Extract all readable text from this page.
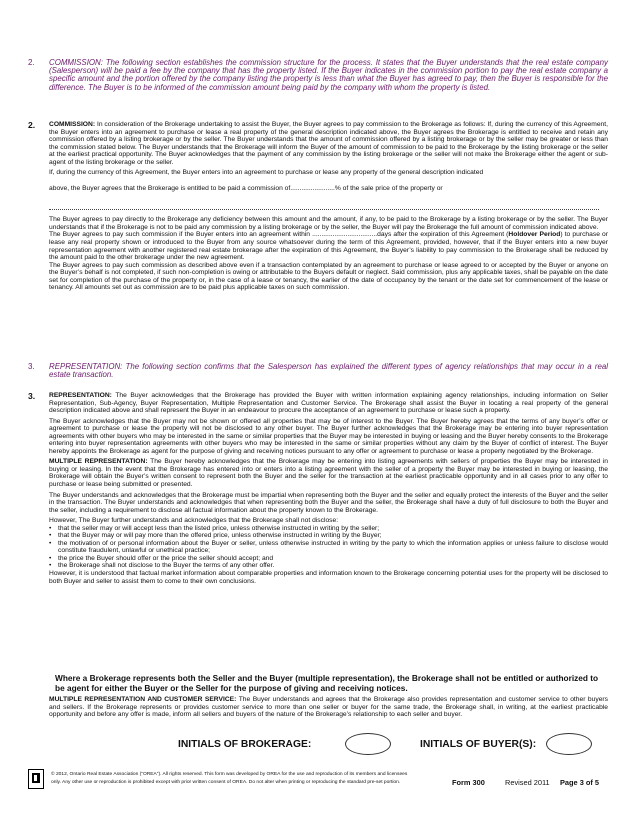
2. COMMISSION: The following section establishes the commission structure for the process. It states that the Buyer understands that the real estate company (Salesperson) will be paid a fee by the company that has the property listed. If the Buyer indicates in the commission portion to pay the real estate company a specific amount and the portion offered by the company listing the property is less than what the Buyer has agreed to pay, then the Buyer is responsible for the difference. The Buyer is to be informed of the commission amount being paid by the company with whom the property is listed.
2. COMMISSION: In consideration of the Brokerage undertaking to assist the Buyer, the Buyer agrees to pay commission to the Brokerage as follows: If, during the currency of this Agreement, the Buyer enters into an agreement to purchase or lease a real property of the general description indicated above, the Buyer agrees the Brokerage is entitled to receive and retain any commission offered by a listing brokerage or by the seller. The Buyer understands that the amount of commission offered by a listing brokerage or by the seller may be greater or less than the commission stated below. The Buyer understands that the Brokerage will inform the Buyer of the amount of commission to be paid to the Brokerage by the listing brokerage or the seller at the earliest practical opportunity. The Buyer acknowledges that the payment of any commission by the listing brokerage or the seller will not make the Brokerage either the agent or sub-agent of the listing brokerage or the seller.
If, during the currency of this Agreement, the Buyer enters into an agreement to purchase or lease any property of the general description indicated
above, the Buyer agrees that the Brokerage is entitled to be paid a commission of........................% of the sale price of the property or
The Buyer agrees to pay directly to the Brokerage any deficiency between this amount and the amount, if any, to be paid to the Brokerage by a listing brokerage or by the seller. The Buyer understands that if the Brokerage is not to be paid any commission by a listing brokerage or by the seller, the Buyer will pay the Brokerage the full amount of commission indicated above.
The Buyer agrees to pay such commission if the Buyer enters into an agreement within ...................................days after the expiration of this Agreement (Holdover Period) to purchase or lease any real property shown or introduced to the Buyer from any source whatsoever during the term of this Agreement, provided, however, that if the Buyer enters into a new buyer representation agreement with another registered real estate brokerage after the expiration of this Agreement, the Buyer’s liability to pay commission to the Brokerage shall be reduced by the amount paid to the other brokerage under the new agreement.
The Buyer agrees to pay such commission as described above even if a transaction contemplated by an agreement to purchase or lease agreed to or accepted by the Buyer or anyone on the Buyer’s behalf is not completed, if such non-completion is owing or attributable to the Buyers default or neglect. Said commission, plus any applicable taxes, shall be payable on the date set for completion of the purchase of the property or, in the case of a lease or tenancy, the earlier of the date of occupancy by the tenant or the date set for commencement of the lease or tenancy. All amounts set out as commission are to be paid plus applicable taxes on such commission.
3. REPRESENTATION: The following section confirms that the Salesperson has explained the different types of agency relationships that may occur in a real estate transaction.
3. REPRESENTATION: The Buyer acknowledges that the Brokerage has provided the Buyer with written information explaining agency relationships, including information on Seller Representation, Sub-Agency, Buyer Representation, Multiple Representation and Customer Service. The Brokerage shall assist the Buyer in locating a real property of the general description indicated above and shall represent the Buyer in an endeavour to procure the acceptance of an agreement to purchase or lease such a property.
The Buyer acknowledges that the Buyer may not be shown or offered all properties that may be of interest to the Buyer. The Buyer hereby agrees that the terms of any buyer’s offer or agreement to purchase or lease the property will not be disclosed to any other buyer. The Buyer further acknowledges that the Brokerage may be entering into buyer representation agreements with other buyers who may be interested in the same or similar properties that the Buyer may be interested in buying or leasing and the Buyer hereby consents to the Brokerage entering into buyer representation agreements with other buyers who may be interested in the same or similar properties without any claim by the Buyer of conflict of interest. The Buyer hereby appoints the Brokerage as agent for the purpose of giving and receiving notices pursuant to any offer or agreement to purchase or lease a property negotiated by the Brokerage.
MULTIPLE REPRESENTATION: The Buyer hereby acknowledges that the Brokerage may be entering into listing agreements with sellers of properties the Buyer may be interested in buying or leasing. In the event that the Brokerage has entered into or enters into a listing agreement with the seller of a property the Buyer may be interested in buying or leasing, the Brokerage will obtain the Buyer’s written consent to represent both the Buyer and the seller for the transaction at the earliest practicable opportunity and in all cases prior to any offer to purchase or lease being submitted or presented.
The Buyer understands and acknowledges that the Brokerage must be impartial when representing both the Buyer and the seller and equally protect the interests of the Buyer and the seller in the transaction. The Buyer understands and acknowledges that when representing both the Buyer and the seller, the Brokerage shall have a duty of full disclosure to both the Buyer and the seller, including a requirement to disclose all factual information about the property known to the Brokerage.
However, The Buyer further understands and acknowledges that the Brokerage shall not disclose:
• that the seller may or will accept less than the listed price, unless otherwise instructed in writing by the seller;
• that the Buyer may or will pay more than the offered price, unless otherwise instructed in writing by the Buyer;
• the motivation of or personal information about the Buyer or seller, unless otherwise instructed in writing by the party to which the information applies or unless failure to disclose would constitute fraudulent, unlawful or unethical practice;
• the price the Buyer should offer or the price the seller should accept; and
• the Brokerage shall not disclose to the Buyer the terms of any other offer.
However, it is understood that factual market information about comparable properties and information known to the Brokerage concerning potential uses for the property will be disclosed to both Buyer and seller to assist them to come to their own conclusions.
Where a Brokerage represents both the Seller and the Buyer (multiple representation), the Brokerage shall not be entitled or authorized to be agent for either the Buyer or the Seller for the purpose of giving and receiving notices.
MULTIPLE REPRESENTATION AND CUSTOMER SERVICE: The Buyer understands and agrees that the Brokerage also provides representation and customer service to other buyers and sellers. If the Brokerage represents or provides customer service to more than one seller or buyer for the same trade, the Brokerage shall, in writing, at the earliest practicable opportunity and before any offer is made, inform all sellers and buyers of the nature of the Brokerage’s relationship to each seller and buyer.
INITIALS OF BROKERAGE:	INITIALS OF BUYER(S):
© 2012, Ontario Real Estate Association (“OREA”). All rights reserved. This form was developed by OREA for the use and reproduction of its members and licensees
only. Any other use or reproduction is prohibited except with prior written consent of OREA. Do not alter when printing or reproducing the standard pre-set portion.	Form 300	Revised 2011 Page 3 of 5
